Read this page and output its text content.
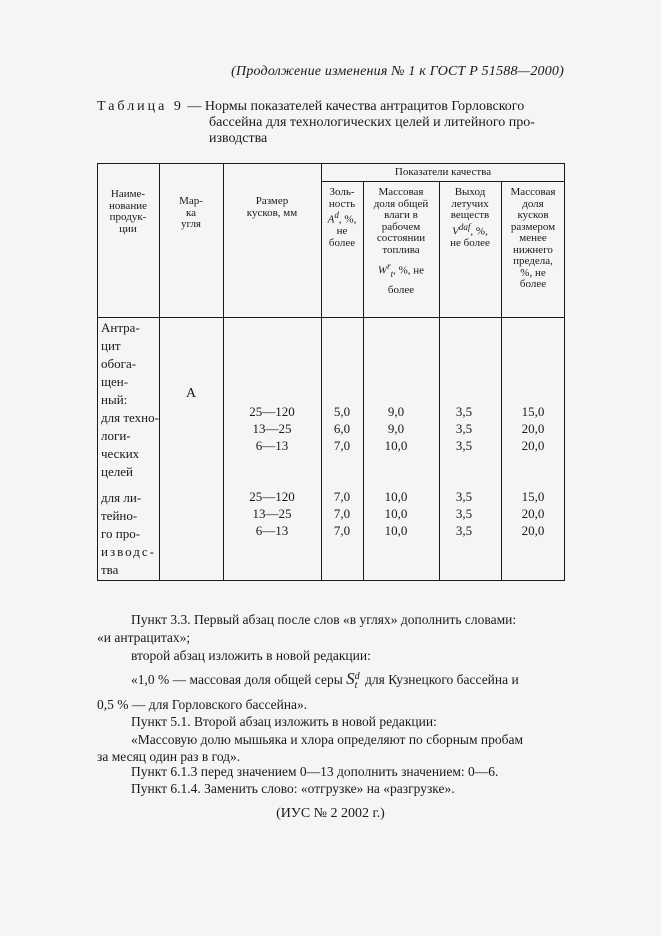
(Продолжение изменения № 1 к ГОСТ Р 51588—2000)
Таблица 9 — Нормы показателей качества антрацитов Горловского
бассейна для технологических целей и литейного про-
изводства
Наиме-
нование
продук-
ции
Мар-
ка
угля
Размер
кусков, мм
Показатели качества
Золь-
ность
$A^d$, %,
не
более
Массовая
доля общей
влаги в
рабочем
состоянии
топлива
$W^r_t$, %, не
более
Выход
летучих
веществ
$V^{daf}$, %,
не более
Массовая
доля
кусков
размером
менее
нижнего
предела,
%, не
более
Антра-
цит
обога-
щен-
ный:
для техно-
логи-
ческих
целей
для ли-
тейно-
го про-
изводс-
тва
А
25—120
13—25
6—13
5,0
6,0
7,0
9,0
9,0
10,0
3,5
3,5
3,5
15,0
20,0
20,0
25—120
13—25
6—13
7,0
7,0
7,0
10,0
10,0
10,0
3,5
3,5
3,5
15,0
20,0
20,0
Пункт 3.3. Первый абзац после слов «в углях» дополнить словами:
«и антрацитах»;
второй абзац изложить в новой редакции:
«1,0 % — массовая доля общей серы S d
t для Кузнецкого бассейна и
0,5 % — для Горловского бассейна».
Пункт 5.1. Второй абзац изложить в новой редакции:
«Массовую долю мышьяка и хлора определяют по сборным пробам
за месяц один раз в год».
Пункт 6.1.3 перед значением 0—13 дополнить значением: 0—6.
Пункт 6.1.4. Заменить слово: «отгрузке» на «разгрузке».
(ИУС № 2 2002 г.)
